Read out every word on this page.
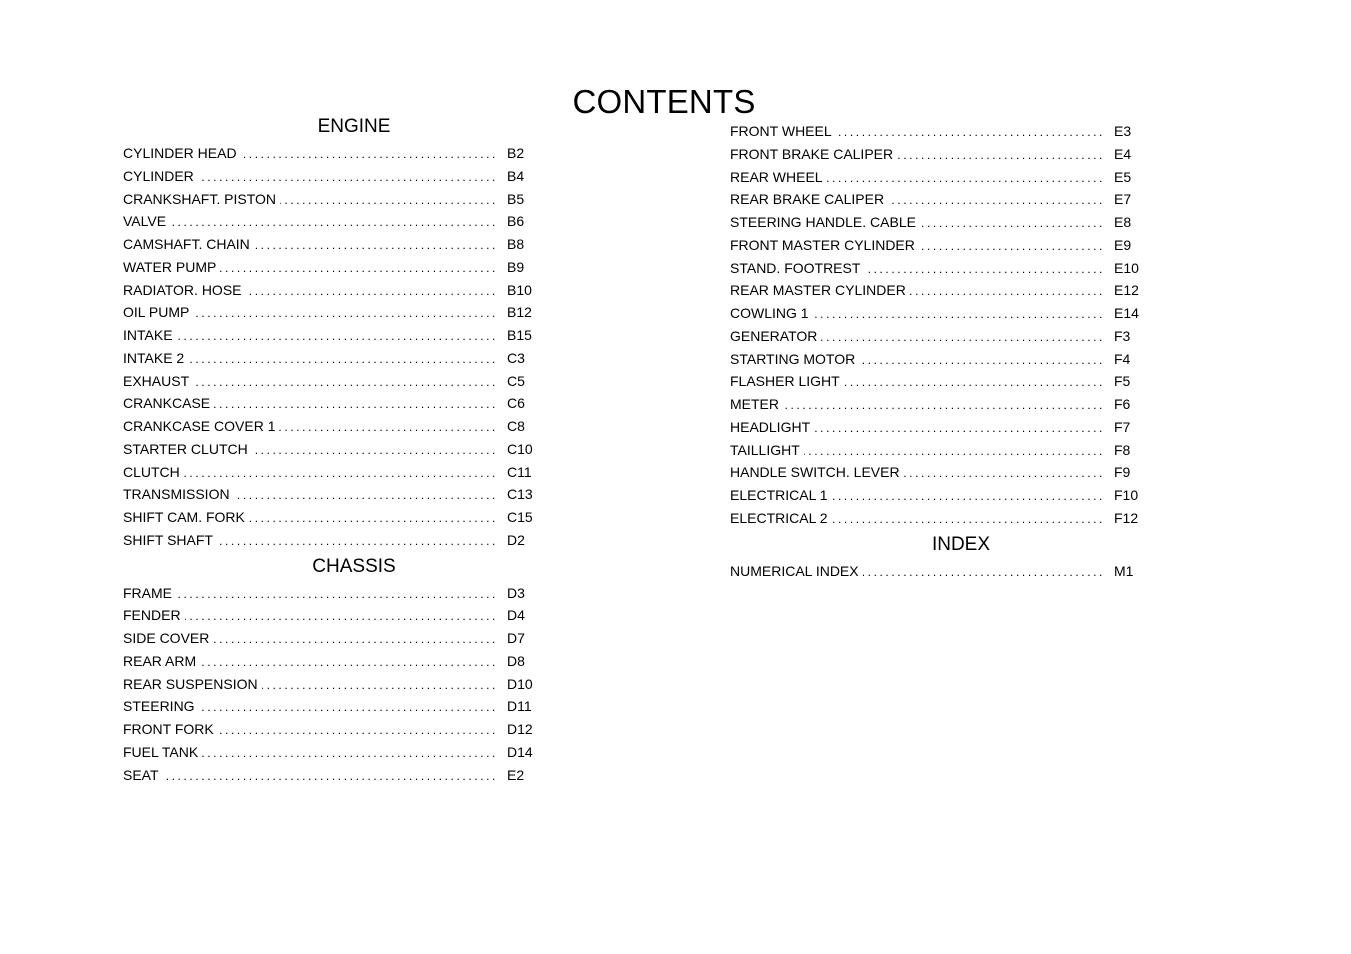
CONTENTS
ENGINE
CYLINDER HEAD .....	B2
CYLINDER .....	B4
CRANKSHAFT. PISTON .....	B5
VALVE .....	B6
CAMSHAFT. CHAIN .....	B8
WATER PUMP .....	B9
RADIATOR. HOSE .....	B10
OIL PUMP .....	B12
INTAKE .....	B15
INTAKE 2 .....	C3
EXHAUST .....	C5
CRANKCASE .....	C6
CRANKCASE COVER 1 .....	C8
STARTER CLUTCH .....	C10
CLUTCH .....	C11
TRANSMISSION .....	C13
SHIFT CAM. FORK .....	C15
SHIFT SHAFT .....	D2
CHASSIS
FRAME .....	D3
FENDER .....	D4
SIDE COVER .....	D7
REAR ARM .....	D8
REAR SUSPENSION .....	D10
STEERING .....	D11
FRONT FORK .....	D12
FUEL TANK .....	D14
SEAT .....	E2
FRONT WHEEL .....	E3
FRONT BRAKE CALIPER .....	E4
REAR WHEEL .....	E5
REAR BRAKE CALIPER .....	E7
STEERING HANDLE. CABLE .....	E8
FRONT MASTER CYLINDER .....	E9
STAND. FOOTREST .....	E10
REAR MASTER CYLINDER .....	E12
COWLING 1 .....	E14
GENERATOR .....	F3
STARTING MOTOR .....	F4
FLASHER LIGHT .....	F5
METER .....	F6
HEADLIGHT .....	F7
TAILLIGHT .....	F8
HANDLE SWITCH. LEVER .....	F9
ELECTRICAL 1 .....	F10
ELECTRICAL 2 .....	F12
INDEX
NUMERICAL INDEX .....	M1
